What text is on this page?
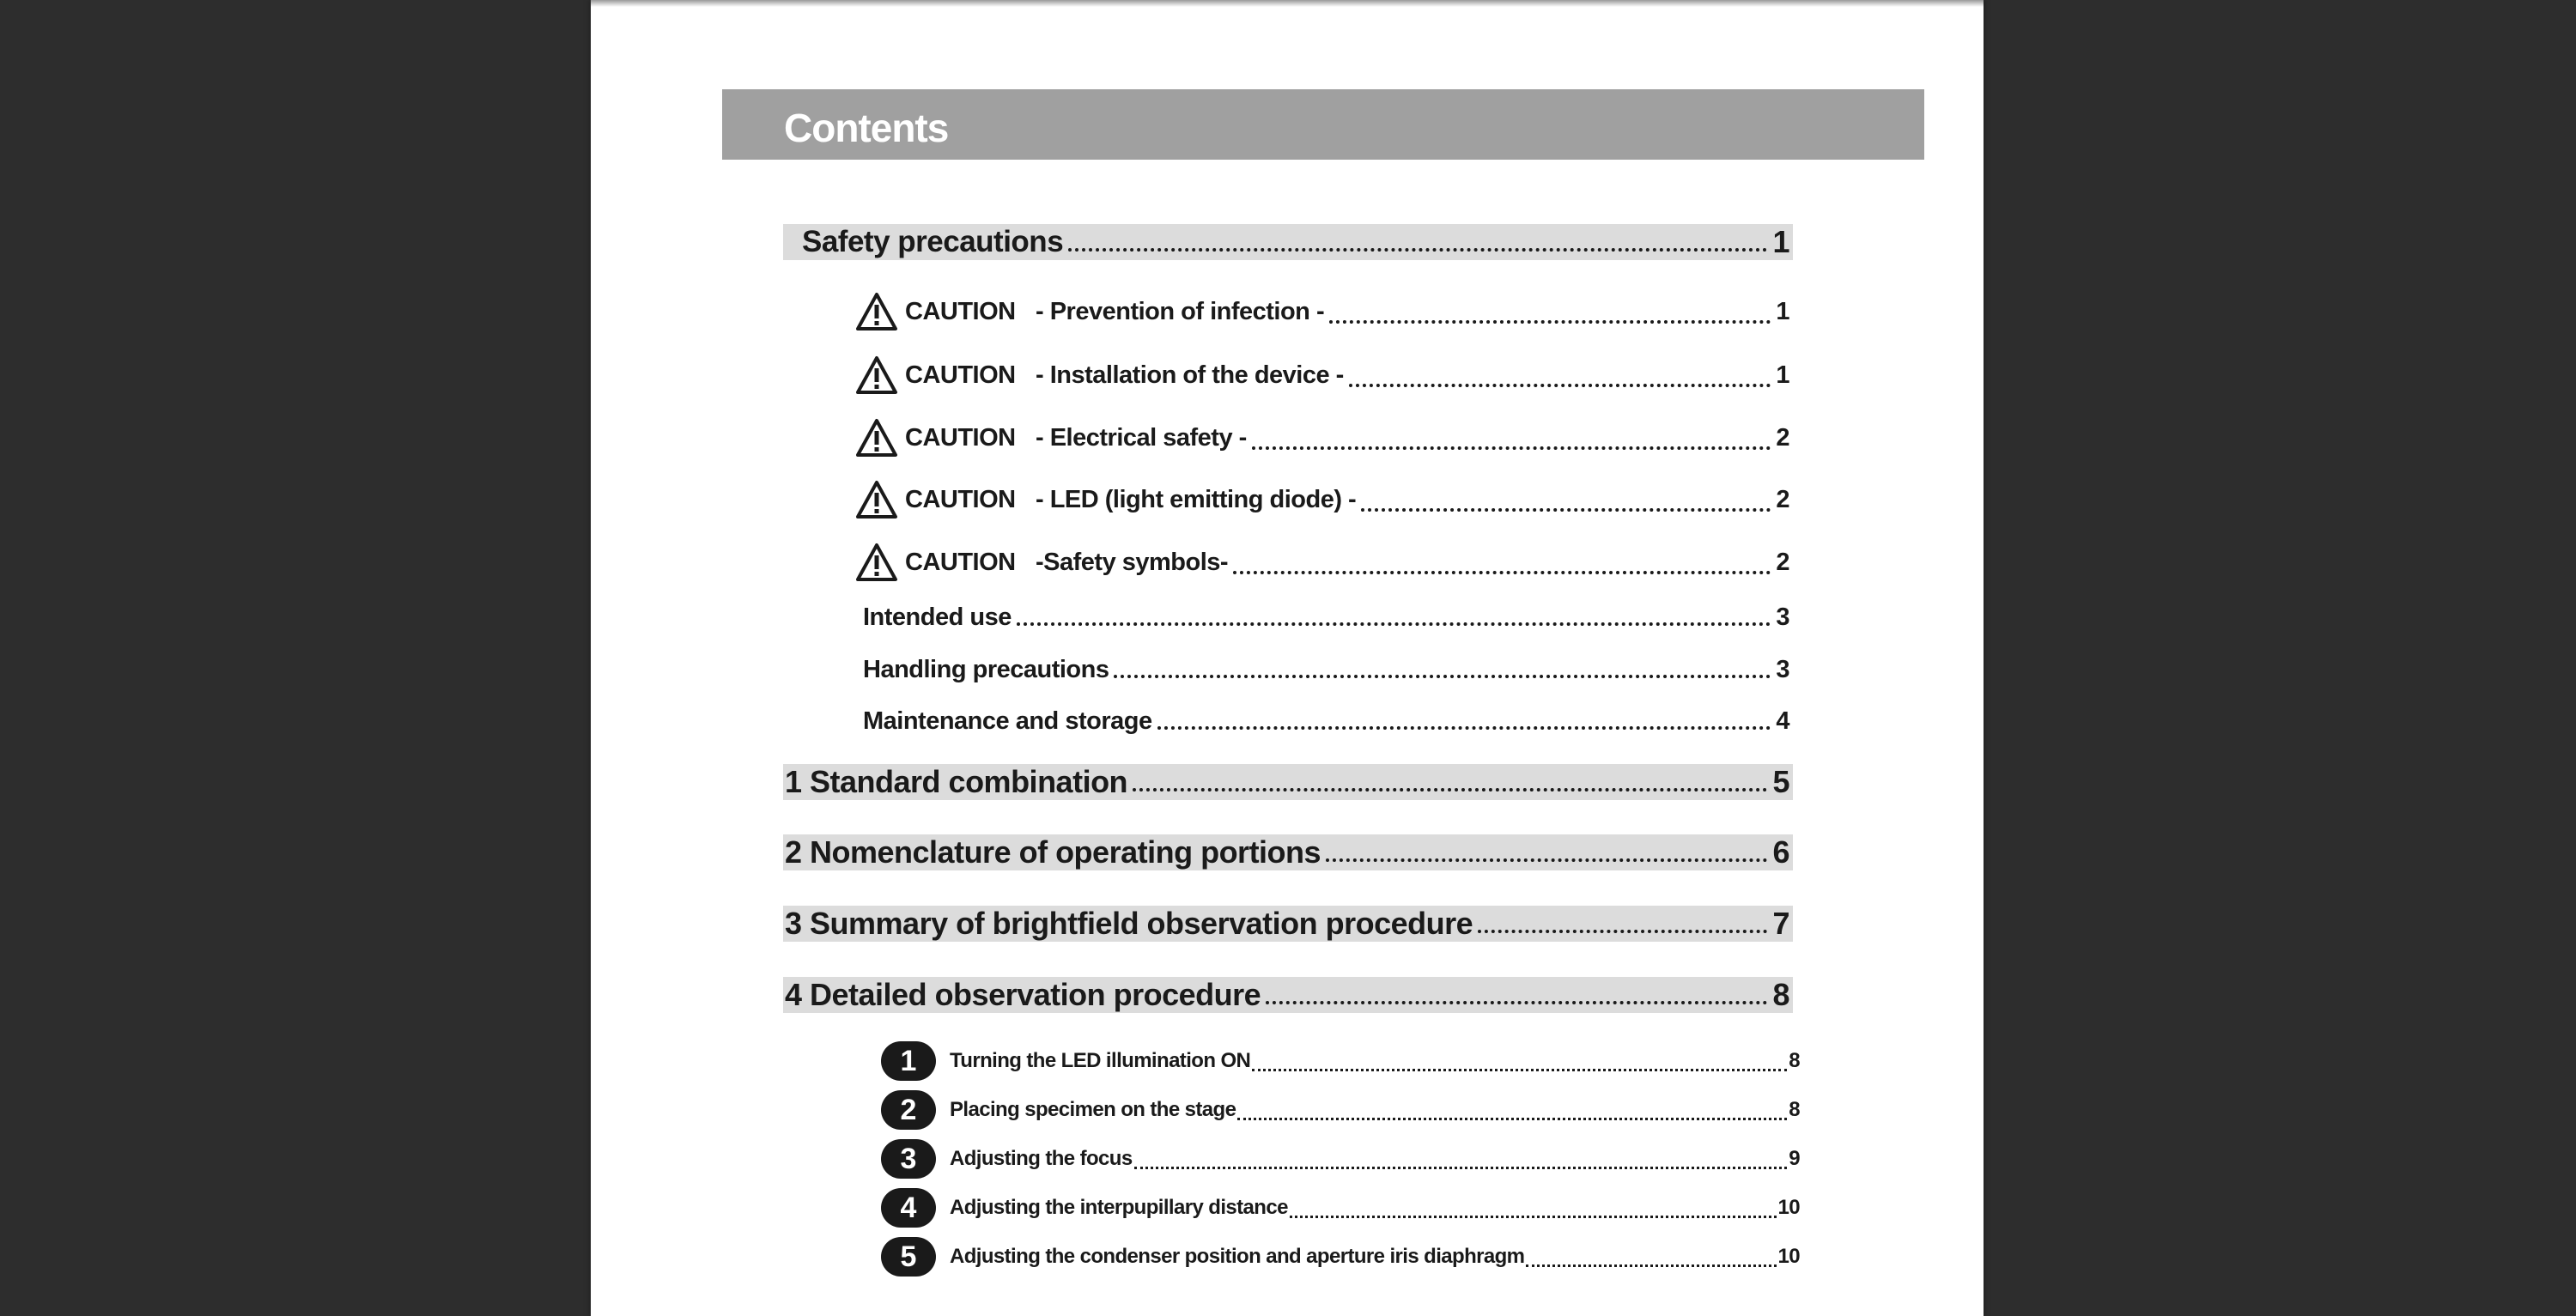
Contents
Safety precautions	1
CAUTION - Prevention of infection -	1
CAUTION - Installation of the device -	1
CAUTION - Electrical safety -	2
CAUTION - LED (light emitting diode) -	2
CAUTION -Safety symbols-	2
Intended use	3
Handling precautions	3
Maintenance and storage	4
1 Standard combination	5
2 Nomenclature of operating portions	6
3 Summary of brightfield observation procedure	7
4 Detailed observation procedure	8
1	Turning the LED illumination ON	8
2	Placing specimen on the stage	8
3	Adjusting the focus	9
4	Adjusting the interpupillary distance	10
5	Adjusting the condenser position and aperture iris diaphragm	10
